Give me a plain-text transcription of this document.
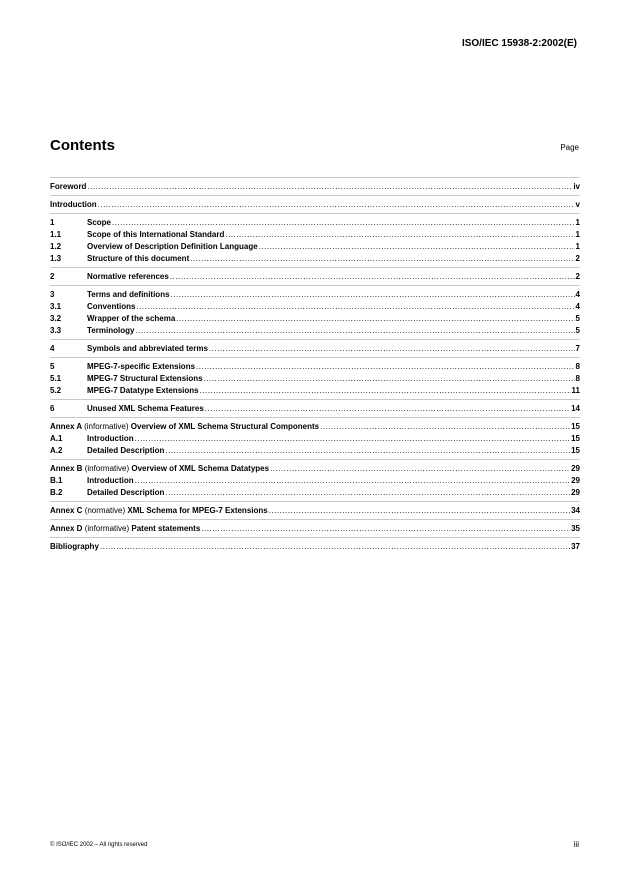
ISO/IEC 15938-2:2002(E)
Contents	Page
Foreword .....	iv
Introduction .....	v
1	Scope .....	1
1.1	Scope of this International Standard .....	1
1.2	Overview of Description Definition Language .....	1
1.3	Structure of this document .....	2
2	Normative references .....	2
3	Terms and definitions .....	4
3.1	Conventions .....	4
3.2	Wrapper of the schema .....	5
3.3	Terminology .....	5
4	Symbols and abbreviated terms .....	7
5	MPEG-7-specific Extensions .....	8
5.1	MPEG-7 Structural Extensions .....	8
5.2	MPEG-7 Datatype Extensions .....	11
6	Unused XML Schema Features .....	14
Annex A (informative) Overview of XML Schema Structural Components .....	15
A.1	Introduction .....	15
A.2	Detailed Description .....	15
Annex B (informative) Overview of XML Schema Datatypes .....	29
B.1	Introduction .....	29
B.2	Detailed Description .....	29
Annex C (normative) XML Schema for MPEG-7 Extensions .....	34
Annex D (informative) Patent statements .....	35
Bibliography .....	37
© ISO/IEC 2002 – All rights reserved	iii
